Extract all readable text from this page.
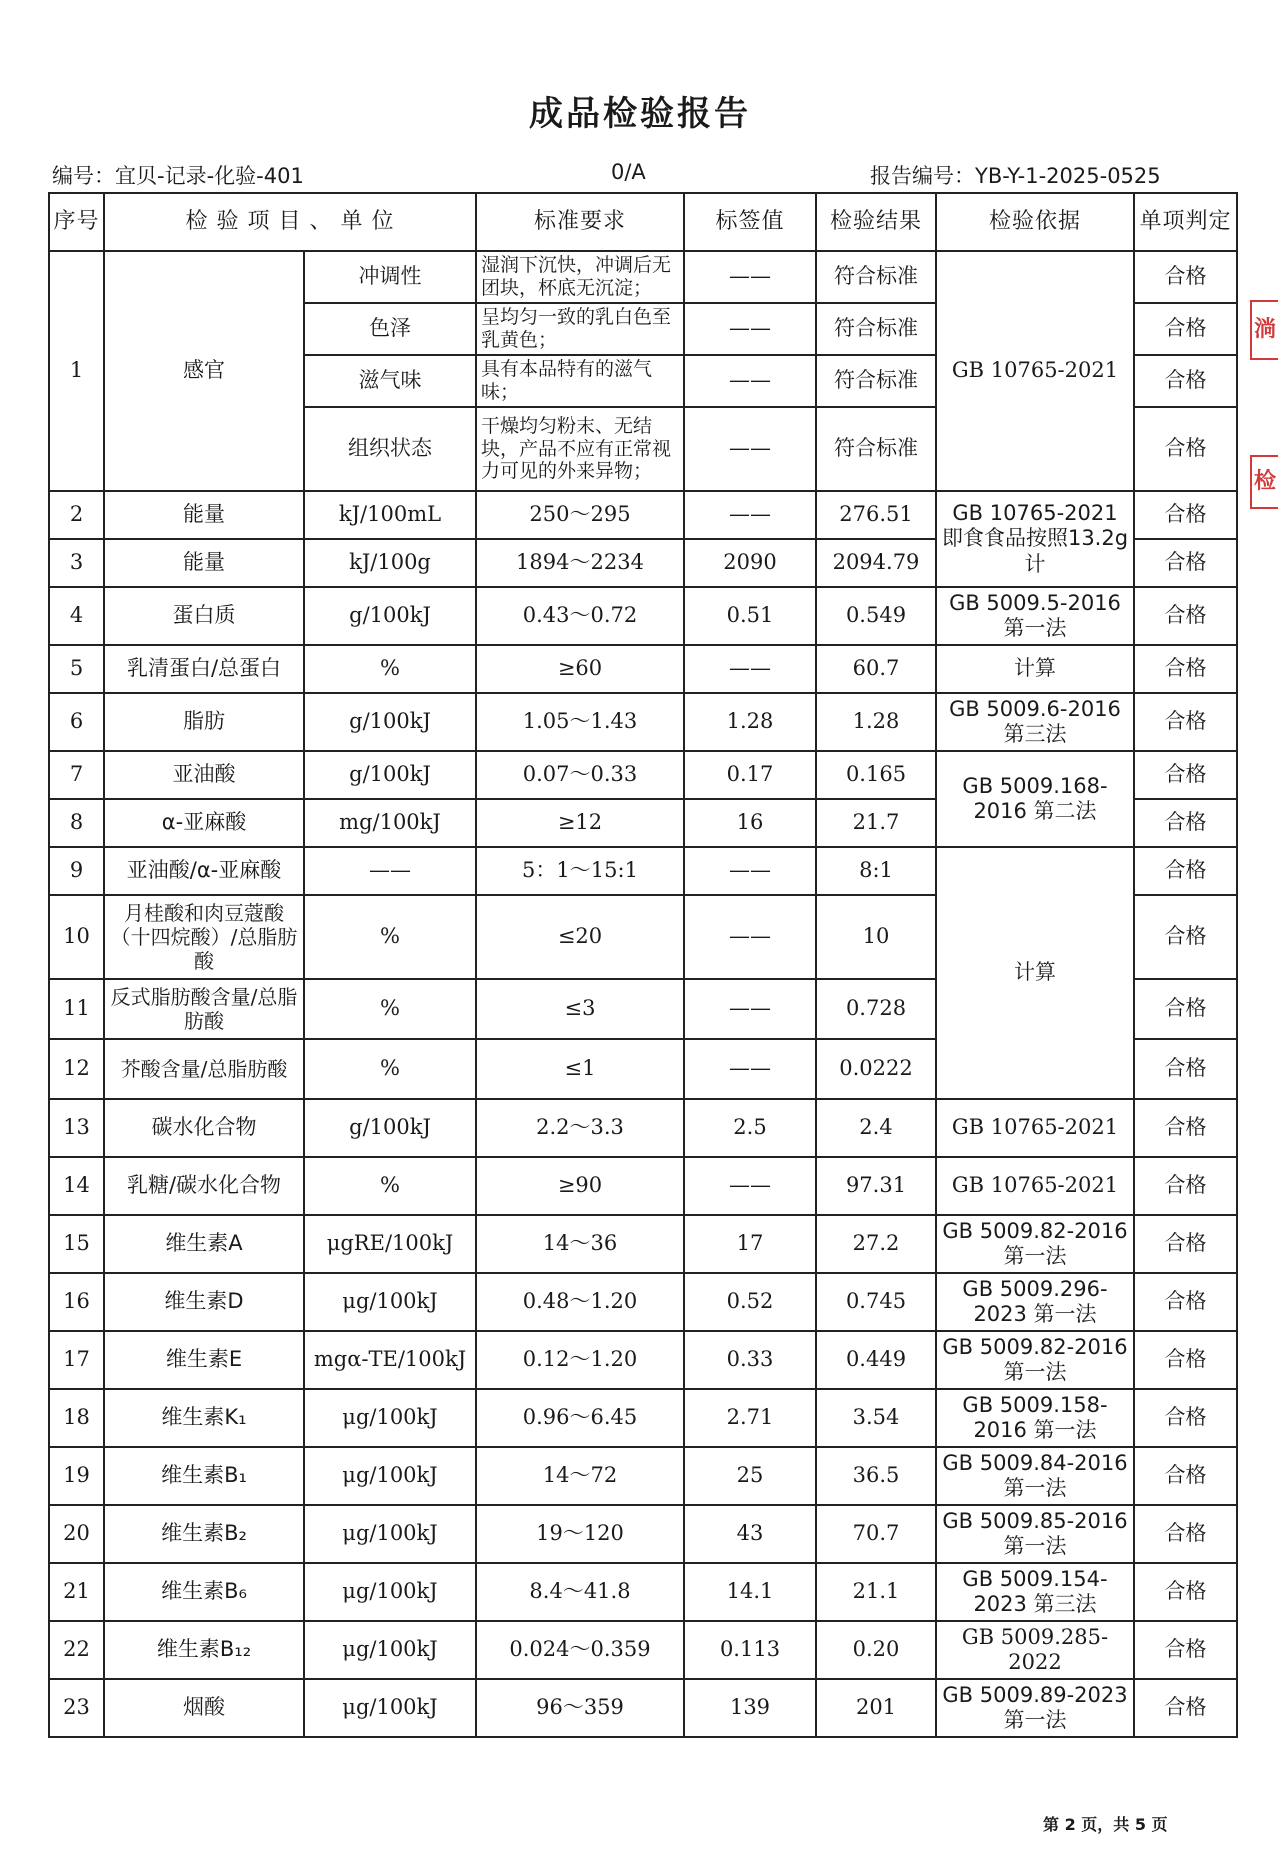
成品检验报告
编号：宜贝-记录-化验-401	0/A	报告编号：YB-Y-1-2025-0525
序号	检 验 项 目 、 单 位		标准要求	标签值	检验结果	检验依据	单项判定
1	感官	冲调性	湿润下沉快，冲调后无团块，杯底无沉淀；	——	符合标准	GB 10765-2021	合格
		色泽	呈均匀一致的乳白色至乳黄色；	——	符合标准		合格
		滋气味	具有本品特有的滋气味；	——	符合标准		合格
		组织状态	干燥均匀粉末、无结块，产品不应有正常视力可见的外来异物；	——	符合标准		合格
2	能量	kJ/100mL	250～295	——	276.51	GB 10765-2021 即食食品按照13.2g计	合格
3	能量	kJ/100g	1894～2234	2090	2094.79		合格
4	蛋白质	g/100kJ	0.43～0.72	0.51	0.549	GB 5009.5-2016 第一法	合格
5	乳清蛋白/总蛋白	%	≥60	——	60.7	计算	合格
6	脂肪	g/100kJ	1.05～1.43	1.28	1.28	GB 5009.6-2016 第三法	合格
7	亚油酸	g/100kJ	0.07～0.33	0.17	0.165	GB 5009.168-2016 第二法	合格
8	α-亚麻酸	mg/100kJ	≥12	16	21.7		合格
9	亚油酸/α-亚麻酸	——	5：1～15:1	——	8:1	计算	合格
10	月桂酸和肉豆蔻酸（十四烷酸）/总脂肪酸	%	≤20	——	10		合格
11	反式脂肪酸含量/总脂肪酸	%	≤3	——	0.728		合格
12	芥酸含量/总脂肪酸	%	≤1	——	0.0222		合格
13	碳水化合物	g/100kJ	2.2～3.3	2.5	2.4	GB 10765-2021	合格
14	乳糖/碳水化合物	%	≥90	——	97.31	GB 10765-2021	合格
15	维生素A	μgRE/100kJ	14～36	17	27.2	GB 5009.82-2016 第一法	合格
16	维生素D	μg/100kJ	0.48～1.20	0.52	0.745	GB 5009.296-2023 第一法	合格
17	维生素E	mgα-TE/100kJ	0.12～1.20	0.33	0.449	GB 5009.82-2016 第一法	合格
18	维生素K₁	μg/100kJ	0.96～6.45	2.71	3.54	GB 5009.158-2016 第一法	合格
19	维生素B₁	μg/100kJ	14～72	25	36.5	GB 5009.84-2016 第一法	合格
20	维生素B₂	μg/100kJ	19～120	43	70.7	GB 5009.85-2016 第一法	合格
21	维生素B₆	μg/100kJ	8.4～41.8	14.1	21.1	GB 5009.154-2023 第三法	合格
22	维生素B₁₂	μg/100kJ	0.024～0.359	0.113	0.20	GB 5009.285-2022	合格
23	烟酸	μg/100kJ	96～359	139	201	GB 5009.89-2023 第一法	合格
淌
检
第 2 页，共 5 页
